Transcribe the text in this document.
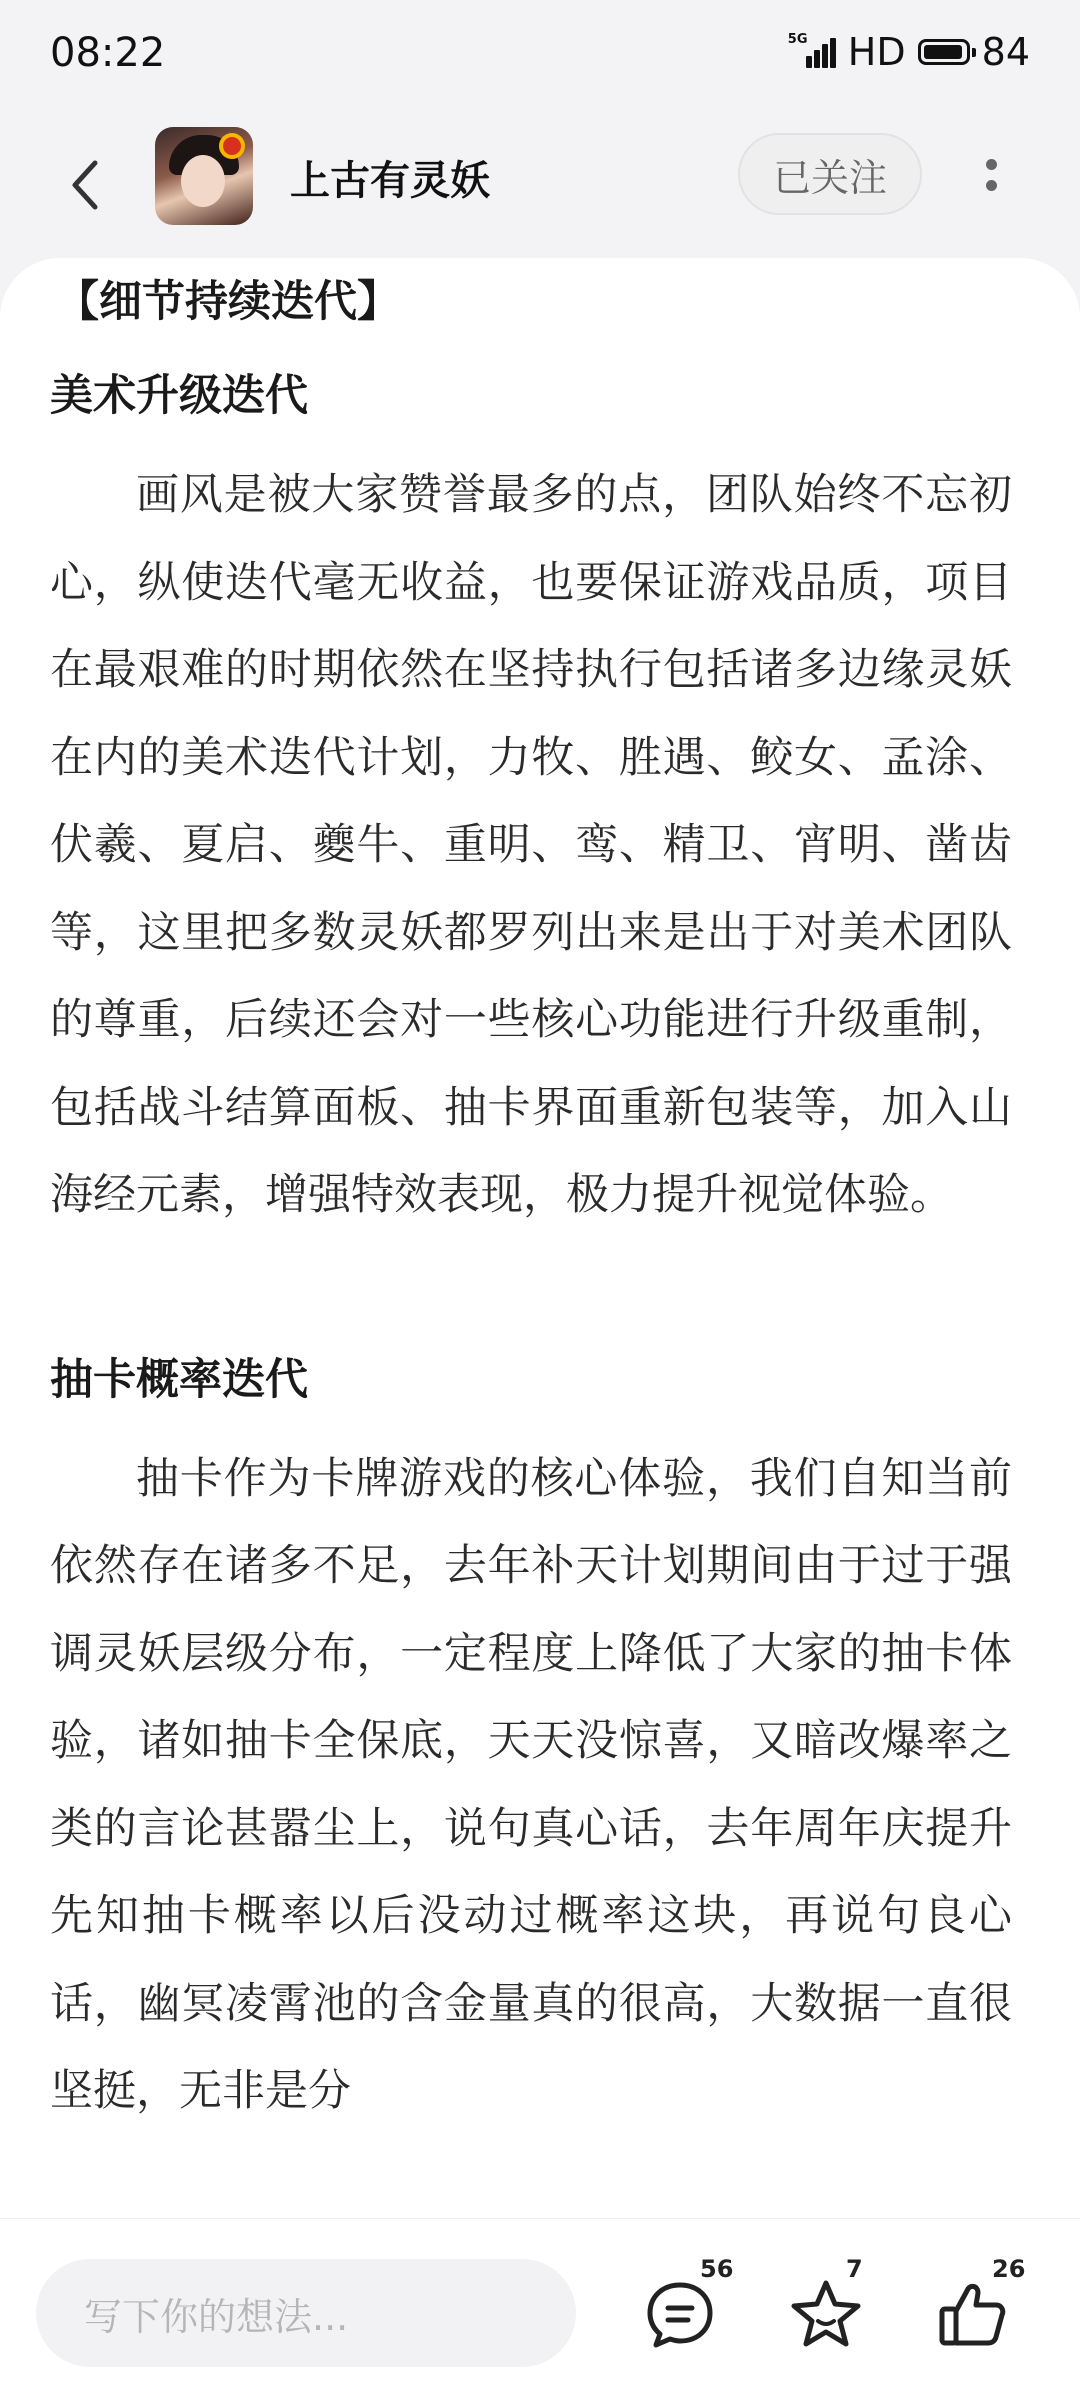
08:22	5G HD 84
上古有灵妖	已关注

【细节持续迭代】

美术升级迭代

画风是被大家赞誉最多的点，团队始终不忘初心，纵使迭代毫无收益，也要保证游戏品质，项目在最艰难的时期依然在坚持执行包括诸多边缘灵妖在内的美术迭代计划，力牧、胜遇、鲛女、孟涂、伏羲、夏启、夔牛、重明、鸾、精卫、宵明、凿齿等，这里把多数灵妖都罗列出来是出于对美术团队的尊重，后续还会对一些核心功能进行升级重制，包括战斗结算面板、抽卡界面重新包装等，加入山海经元素，增强特效表现，极力提升视觉体验。

抽卡概率迭代

抽卡作为卡牌游戏的核心体验，我们自知当前依然存在诸多不足，去年补天计划期间由于过于强调灵妖层级分布，一定程度上降低了大家的抽卡体验，诸如抽卡全保底，天天没惊喜，又暗改爆率之类的言论甚嚣尘上，说句真心话，去年周年庆提升先知抽卡概率以后没动过概率这块，再说句良心话，幽冥凌霄池的含金量真的很高，大数据一直很坚挺，无非是分

写下你的想法...
56	7	26
